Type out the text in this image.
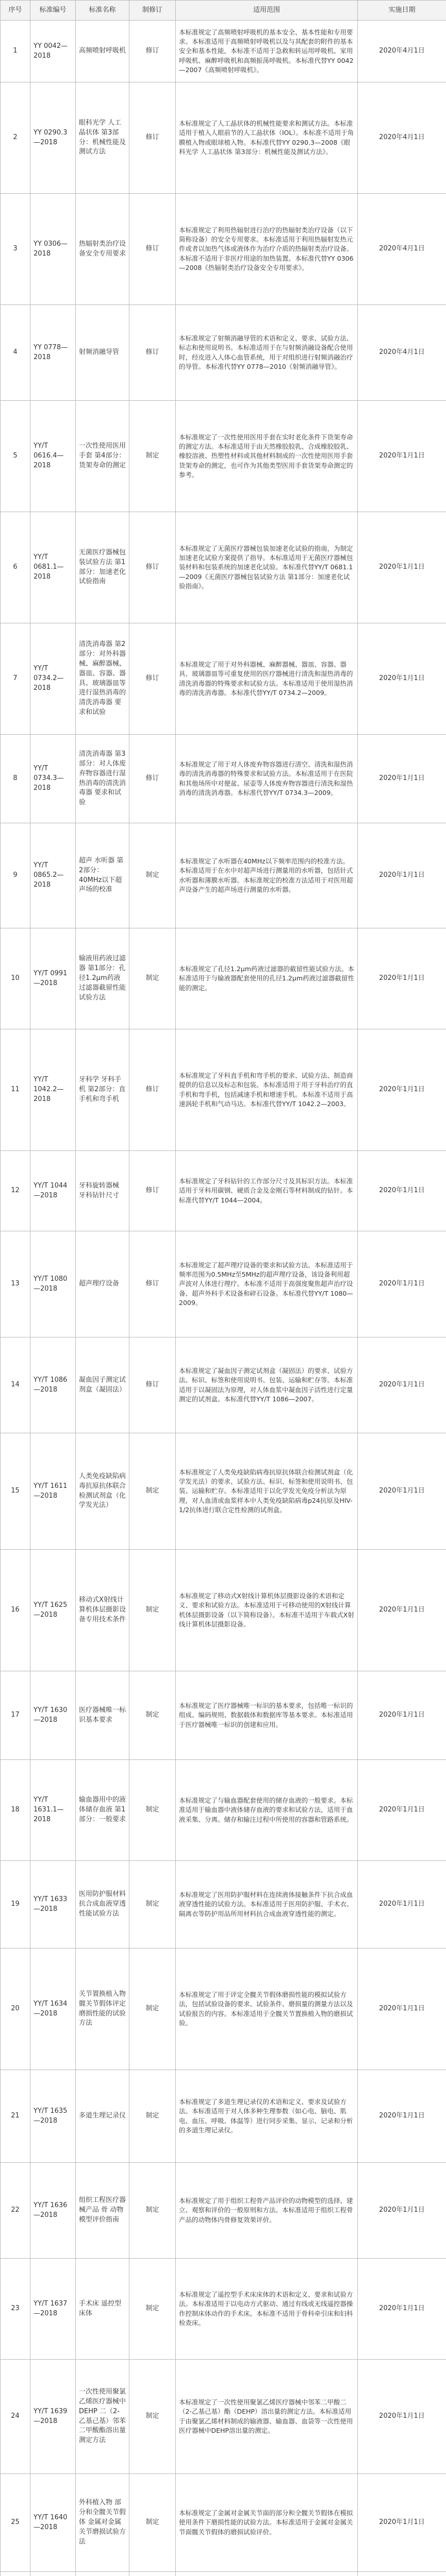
序号	标准编号	标准名称	制修订	适用范围	实施日期
1	YY 0042—2018	高频喷射呼吸机	修订	本标准规定了高频喷射呼吸机的基本安全、基本性能和专用要求。本标准适用于高频喷射呼吸机以及与其配套的附件的基本安全和基本性能，本标准不适用于急救和转运用呼吸机、家用呼吸机、麻醉呼吸机和高频振荡呼吸机。本标准代替YY 0042—2007《高频喷射呼吸机》。	2020年4月1日
2	YY 0290.3—2018	眼科光学 人工晶状体 第3部分：机械性能及测试方法	修订	本标准规定了人工晶状体的机械性能要求和测试方法。本标准适用于植入人眼前节的人工晶状体（IOL）。本标准不适用于角膜植入物或眼球植入物。本标准代替YY 0290.3—2008《眼科光学 人工晶状体 第3部分：机械性能及测试方法》。	2020年4月1日
3	YY 0306—2018	热辐射类治疗设备安全专用要求	修订	本标准规定了利用热辐射进行治疗的热辐射类治疗设备（以下简称设备）的安全专用要求。本标准适用于利用热辐射发热元件或者以加热气体或液体作为治疗介质的热辐射类治疗设备。本标准不适用于非医疗用途的加热装置。本标准代替YY 0306—2008《热辐射类治疗设备安全专用要求》。	2020年4月1日
4	YY 0778—2018	射频消融导管	修订	本标准规定了射频消融导管的术语和定义、要求、试验方法、标志和使用说明书。本标准适用于在与射频消融设备配合使用时，经皮进入人体心血管系统，用于对组织进行射频消融治疗的导管。本标准代替YY 0778—2010《射频消融导管》。	2020年4月1日
5	YY/T 0616.4—2018	一次性使用医用手套 第4部分：货架寿命的测定	制定	本标准规定了一次性使用医用手套在实时老化条件下货架寿命的测定方法。本标准适用于由天然橡胶胶乳、合成橡胶胶乳、橡胶溶液、热塑性材料或其他材料制成的一次性使用医用手套货架寿命的测定，也可作为其他类型医用手套货架寿命测定的参考。	2020年1月1日
6	YY/T 0681.1—2018	无菌医疗器械包装试验方法 第1部分：加速老化试验指南	修订	本标准规定了无菌医疗器械包装加速老化试验的指南，为制定加速老化试验方案提供了指导。本标准适用于无菌医疗器械包装材料和包装系统的加速老化试验。本标准代替YY/T 0681.1—2009《无菌医疗器械包装试验方法 第1部分：加速老化试验指南》。	2020年1月1日
7	YY/T 0734.2—2018	清洗消毒器 第2部分：对外科器械、麻醉器械、器皿、容器、器具、玻璃器皿等进行湿热消毒的清洗消毒器 要求和试验	修订	本标准规定了用于对外科器械、麻醉器械、器皿、容器、器具、玻璃器皿等可重复使用的医疗器械进行清洗和湿热消毒的清洗消毒器的特殊要求和试验方法。本标准适用于使用湿热消毒的清洗消毒器。本标准代替YY/T 0734.2—2009。	2020年1月1日
8	YY/T 0734.3—2018	清洗消毒器 第3部分：对人体废弃物容器进行湿热消毒的清洗消毒器 要求和试验	修订	本标准规定了用于对人体废弃物容器进行清空、清洗和湿热消毒的清洗消毒器的特殊要求和试验方法。本标准适用于在医院和其他场所中对便盆、尿壶等人体废弃物容器进行清洗和湿热消毒的清洗消毒器。本标准代替YY/T 0734.3—2009。	2020年1月1日
9	YY/T 0865.2—2018	超声 水听器 第2部分：40MHz以下超声场的校准	制定	本标准规定了水听器在40MHz以下频率范围内的校准方法。本标准适用于在水中对超声场进行测量用的水听器，包括针式水听器和薄膜水听器。本标准规定的校准方法适用于对医用超声设备产生的超声场进行测量的水听器。	2020年1月1日
10	YY/T 0991—2018	输液用药液过滤器 第1部分：孔径1.2μm药液过滤器截留性能试验方法	制定	本标准规定了孔径1.2μm药液过滤器的截留性能试验方法。本标准适用于与输液器配套使用的孔径1.2μm药液过滤器截留性能的测定。	2020年1月1日
11	YY/T 1042.2—2018	牙科学 牙科手机 第2部分：直手机和弯手机	修订	本标准规定了牙科直手机和弯手机的要求、试验方法、制造商提供的信息以及标志和包装。本标准适用于用于牙科治疗的直手机和弯手机，包括减速手机和增速手机。本标准不适用于高速涡轮手机和气动马达。本标准代替YY/T 1042.2—2003。	2020年1月1日
12	YY/T 1044—2018	牙科旋转器械 牙科钻针尺寸	修订	本标准规定了牙科钻针的工作部分尺寸及其标识方法。本标准适用于牙科用碳钢、硬质合金及金刚石等材料制成的钻针。本标准代替YY/T 1044—2004。	2020年1月1日
13	YY/T 1080—2018	超声理疗设备	修订	本标准规定了超声理疗设备的要求和试验方法。本标准适用于频率范围为0.5MHz至5MHz的超声理疗设备，该设备利用超声波对人体进行理疗。本标准不适用于高强度聚焦超声治疗设备、超声外科手术设备和碎石设备。本标准代替YY/T 1080—2009。	2020年1月1日
14	YY/T 1086—2018	凝血因子测定试剂盒（凝固法）	修订	本标准规定了凝血因子测定试剂盒（凝固法）的要求、试验方法、标识、标签和使用说明书、包装、运输和贮存等。本标准适用于以凝固法为原理，对人体血浆中凝血因子活性进行定量测定的试剂盒。本标准代替YY/T 1086—2007。	2020年1月1日
15	YY/T 1611—2018	人类免疫缺陷病毒抗原抗体联合检测试剂盒（化学发光法）	制定	本标准规定了人类免疫缺陷病毒抗原抗体联合检测试剂盒（化学发光法）的要求、试验方法、标识、标签和使用说明书、包装、运输和贮存。本标准适用于以化学发光免疫分析法为原理，对人血清或血浆样本中人类免疫缺陷病毒p24抗原及HIV-1/2抗体进行联合定性检测的试剂盒。	2020年1月1日
16	YY/T 1625—2018	移动式X射线计算机体层摄影设备专用技术条件	制定	本标准规定了移动式X射线计算机体层摄影设备的术语和定义、要求和试验方法。本标准适用于可移动使用的X射线计算机体层摄影设备（以下简称设备）。本标准不适用于车载式X射线计算机体层摄影设备。	2020年1月1日
17	YY/T 1630—2018	医疗器械唯一标识基本要求	制定	本标准规定了医疗器械唯一标识的基本要求，包括唯一标识的组成、编码规则、数据载体和数据库等基本要求。本标准适用于医疗器械唯一标识的创建和应用。	2020年1月1日
18	YY/T 1631.1—2018	输血器用中的液体储存血液 第1部分：一般要求	制定	本标准规定了与输血器配套使用的储存血液的一般要求。本标准适用于输血器中液体储存血液的要求和试验方法，适用于血液采集、分离、储存和输注过程中所使用的容器和管路系统。	2020年1月1日
19	YY/T 1633—2018	医用防护服材料抗合成血液穿透性能试验方法	制定	本标准规定了医用防护服材料在连续液体接触条件下抗合成血液穿透性能的试验方法。本标准适用于医用防护服、手术衣、隔离衣等防护用品所用材料抗合成血液穿透性能的测定。	2020年1月1日
20	YY/T 1634—2018	关节置换植入物 髋关节假体评定磨损性能的试验方法	制定	本标准规定了用于评定全髋关节假体磨损性能的模拟试验方法，包括试验设备的要求、试验条件、磨损量的测量方法以及试验报告的内容。本标准适用于全髋关节置换植入物的磨损试验。	2020年1月1日
21	YY/T 1635—2018	多道生理记录仪	制定	本标准规定了多道生理记录仪的术语和定义、要求及试验方法。本标准适用于对人体多种生理参数（如心电、脑电、肌电、血压、呼吸、体温等）进行同步采集、显示、记录和分析的多道生理记录仪。	2020年1月1日
22	YY/T 1636—2018	组织工程医疗器械产品 骨 动物模型评价指南	制定	本标准规定了用于组织工程骨产品评价的动物模型的选择、建立、观察和评价的一般原则和方法。本标准适用于组织工程骨产品的动物体内骨修复效果评价。	2020年1月1日
23	YY/T 1637—2018	手术床 遥控型床体	制定	本标准规定了遥控型手术床床体的术语和定义、要求和试验方法。本标准适用于以电动方式驱动、通过有线或无线遥控器操作控制床体动作的手术床。本标准不适用于骨科牵引床和妇科检查床。	2020年1月1日
24	YY/T 1639—2018	一次性使用聚氯乙烯医疗器械中DEHP 二（2-乙基己基）邻苯二甲酸酯溶出量测定方法	制定	本标准规定了一次性使用聚氯乙烯医疗器械中邻苯二甲酸二（2-乙基己基）酯（DEHP）溶出量的测定方法。本标准适用于由聚氯乙烯材料制成的输液器、输血器、血袋等一次性使用医疗器械中DEHP溶出量的测定。	2020年1月1日
25	YY/T 1640—2018	外科植入物 部分和全髋关节假体 金属对金属关节磨损试验方法	制定	本标准规定了金属对金属关节面的部分和全髋关节假体在模拟使用条件下磨损性能的试验方法。本标准适用于金属对金属关节面髋关节假体的磨损试验评价。	2020年1月1日
